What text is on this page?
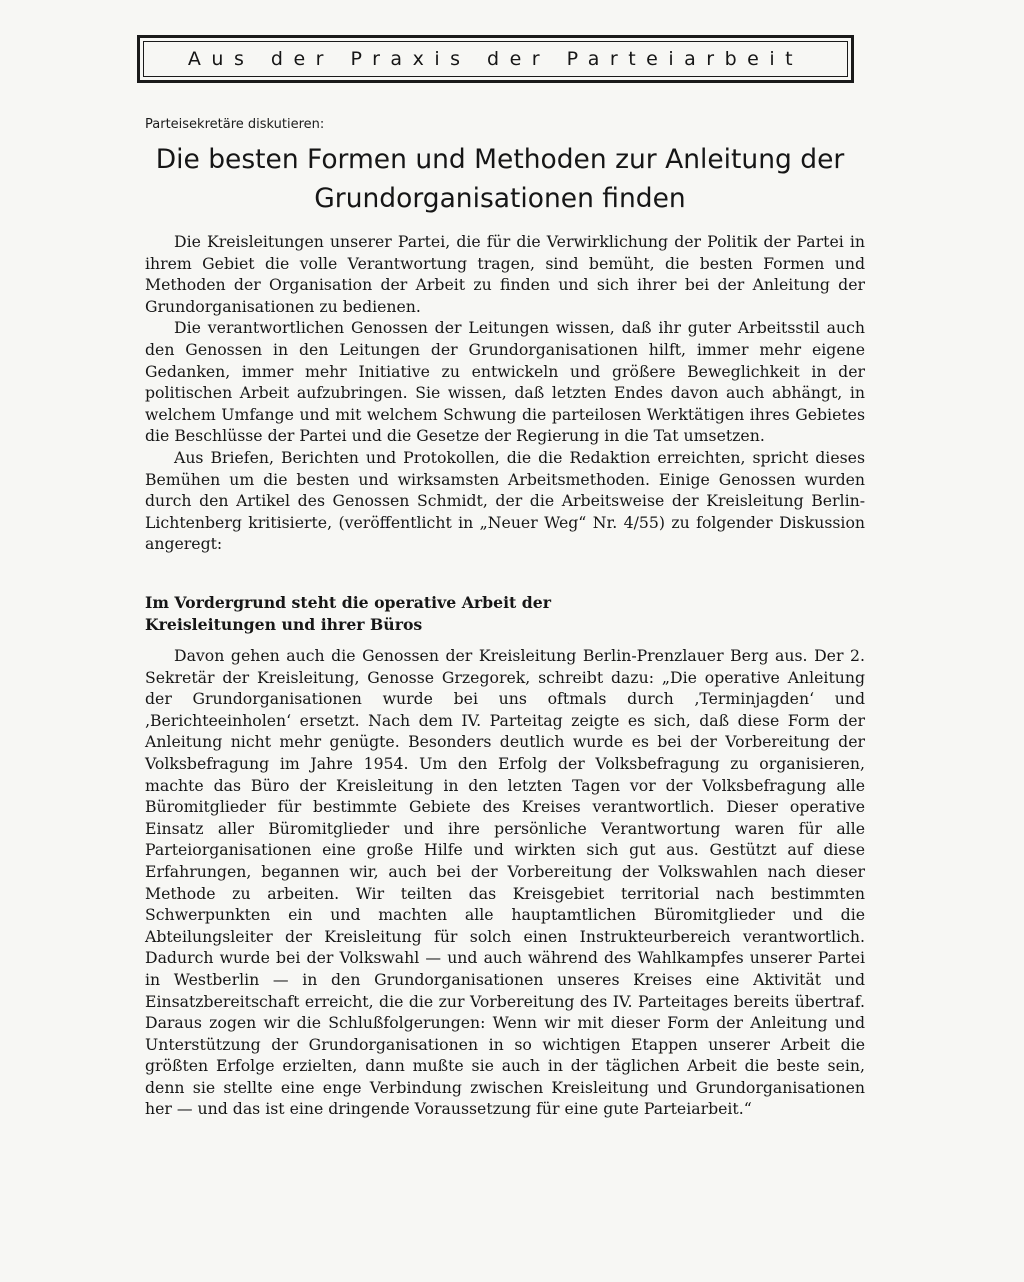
Aus der Praxis der Parteiarbeit
Parteisekretäre diskutieren:
Die besten Formen und Methoden zur Anleitung der
Grundorganisationen finden

Die Kreisleitungen unserer Partei, die für die Verwirklichung der Politik der Partei in ihrem Gebiet die volle Verantwortung tragen, sind bemüht, die besten Formen und Methoden der Organisation der Arbeit zu finden und sich ihrer bei der Anleitung der Grundorganisationen zu bedienen.

Die verantwortlichen Genossen der Leitungen wissen, daß ihr guter Arbeitsstil auch den Genossen in den Leitungen der Grundorganisationen hilft, immer mehr eigene Gedanken, immer mehr Initiative zu entwickeln und größere Beweglichkeit in der politischen Arbeit aufzubringen. Sie wissen, daß letzten Endes davon auch abhängt, in welchem Umfange und mit welchem Schwung die parteilosen Werktätigen ihres Gebietes die Beschlüsse der Partei und die Gesetze der Regierung in die Tat umsetzen.

Aus Briefen, Berichten und Protokollen, die die Redaktion erreichten, spricht dieses Bemühen um die besten und wirksamsten Arbeitsmethoden. Einige Genossen wurden durch den Artikel des Genossen Schmidt, der die Arbeitsweise der Kreisleitung Berlin-Lichtenberg kritisierte, (veröffentlicht in „Neuer Weg“ Nr. 4/55) zu folgender Diskussion angeregt:

Im Vordergrund steht die operative Arbeit der
Kreisleitungen und ihrer Büros

Davon gehen auch die Genossen der Kreisleitung Berlin-Prenzlauer Berg aus. Der 2. Sekretär der Kreisleitung, Genosse Grzegorek, schreibt dazu: „Die operative Anleitung der Grundorganisationen wurde bei uns oftmals durch ‚Terminjagden‘ und ‚Berichteeinholen‘ ersetzt. Nach dem IV. Parteitag zeigte es sich, daß diese Form der Anleitung nicht mehr genügte. Besonders deutlich wurde es bei der Vorbereitung der Volksbefragung im Jahre 1954. Um den Erfolg der Volksbefragung zu organisieren, machte das Büro der Kreisleitung in den letzten Tagen vor der Volksbefragung alle Büromitglieder für bestimmte Gebiete des Kreises verantwortlich. Dieser operative Einsatz aller Büromitglieder und ihre persönliche Verantwortung waren für alle Parteiorganisationen eine große Hilfe und wirkten sich gut aus. Gestützt auf diese Erfahrungen, begannen wir, auch bei der Vorbereitung der Volkswahlen nach dieser Methode zu arbeiten. Wir teilten das Kreisgebiet territorial nach bestimmten Schwerpunkten ein und machten alle hauptamtlichen Büromitglieder und die Abteilungsleiter der Kreisleitung für solch einen Instrukteurbereich verantwortlich. Dadurch wurde bei der Volkswahl — und auch während des Wahlkampfes unserer Partei in Westberlin — in den Grundorganisationen unseres Kreises eine Aktivität und Einsatzbereitschaft erreicht, die die zur Vorbereitung des IV. Parteitages bereits übertraf. Daraus zogen wir die Schlußfolgerungen: Wenn wir mit dieser Form der Anleitung und Unterstützung der Grundorganisationen in so wichtigen Etappen unserer Arbeit die größten Erfolge erzielten, dann mußte sie auch in der täglichen Arbeit die beste sein, denn sie stellte eine enge Verbindung zwischen Kreisleitung und Grundorganisationen her — und das ist eine dringende Voraussetzung für eine gute Parteiarbeit.“
